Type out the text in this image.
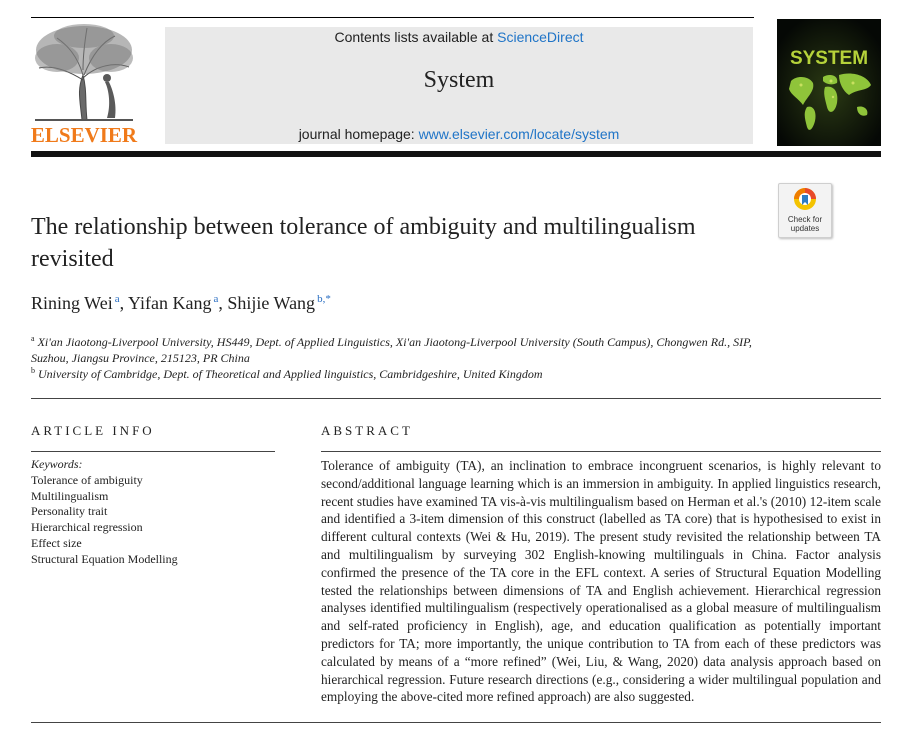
ELSEVIER
Contents lists available at ScienceDirect
System
journal homepage: www.elsevier.com/locate/system
SYSTEM
Check for
updates
The relationship between tolerance of ambiguity and multilingualism revisited
Rining Wei $^a$, Yifan Kang $^a$, Shijie Wang $^{b,*}$
$^a$ Xi'an Jiaotong-Liverpool University, HS449, Dept. of Applied Linguistics, Xi'an Jiaotong-Liverpool University (South Campus), Chongwen Rd., SIP, Suzhou, Jiangsu Province, 215123, PR China
$^b$ University of Cambridge, Dept. of Theoretical and Applied linguistics, Cambridgeshire, United Kingdom
ARTICLE INFO
Keywords:
Tolerance of ambiguity
Multilingualism
Personality trait
Hierarchical regression
Effect size
Structural Equation Modelling
ABSTRACT
Tolerance of ambiguity (TA), an inclination to embrace incongruent scenarios, is highly relevant to second/additional language learning which is an immersion in ambiguity. In applied linguistics research, recent studies have examined TA vis-à-vis multilingualism based on Herman et al.'s (2010) 12-item scale and identified a 3-item dimension of this construct (labelled as TA core) that is hypothesised to exist in different cultural contexts (Wei & Hu, 2019). The present study revisited the relationship between TA and multilingualism by surveying 302 English-knowing multilinguals in China. Factor analysis confirmed the presence of the TA core in the EFL context. A series of Structural Equation Modelling tested the relationships between dimensions of TA and English achievement. Hierarchical regression analyses identified multilingualism (respectively operationalised as a global measure of multilingualism and self-rated proficiency in English), age, and education qualification as potentially important predictors for TA; more importantly, the unique contribution to TA from each of these predictors was calculated by means of a “more refined” (Wei, Liu, & Wang, 2020) data analysis approach based on hierarchical regression. Future research directions (e.g., considering a wider multilingual population and employing the above-cited more refined approach) are also suggested.
